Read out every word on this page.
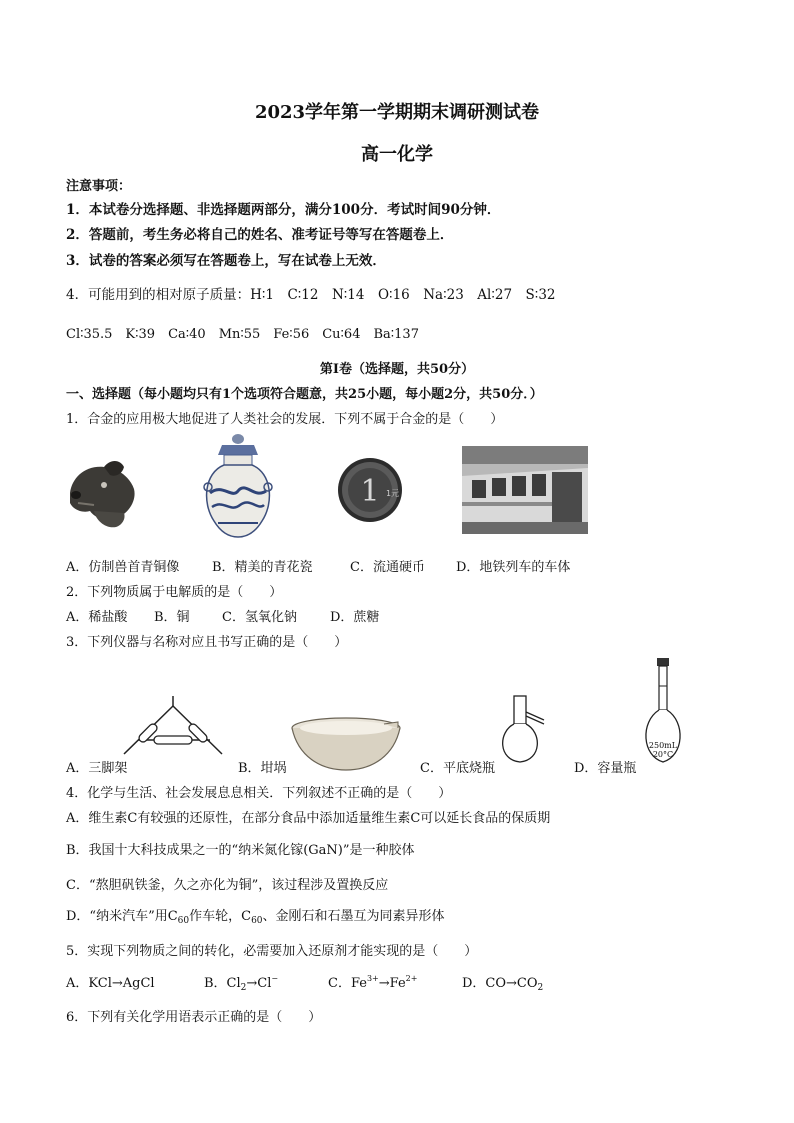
2023学年第一学期期末调研测试卷
高一化学
注意事项：
1．本试卷分选择题、非选择题两部分，满分100分．考试时间90分钟．
2．答题前，考生务必将自己的姓名、准考证号等写在答题卷上．
3．试卷的答案必须写在答题卷上，写在试卷上无效．
4．可能用到的相对原子质量：H∶1　C∶12　N∶14　O∶16　Na∶23　Al∶27　S∶32
Cl∶35.5　K∶39　Ca∶40　Mn∶55　Fe∶56　Cu∶64　Ba∶137
第Ⅰ卷（选择题，共50分）
一、选择题（每小题均只有1个选项符合题意，共25小题，每小题2分，共50分．）
1．合金的应用极大地促进了人类社会的发展．下列不属于合金的是（　　）
1 1元
A．仿制兽首青铜像	B．精美的青花瓷	C．流通硬币 D．地铁列车的车体
2．下列物质属于电解质的是（　　）
A．稀盐酸 B．铜 C．氢氧化钠	D．蔗糖
3．下列仪器与名称对应且书写正确的是（　　）
250mL
20°C
A．三脚架	B．坩埚	C．平底烧瓶	D．容量瓶
4．化学与生活、社会发展息息相关．下列叙述不正确的是（　　）
A．维生素C有较强的还原性，在部分食品中添加适量维生素C可以延长食品的保质期
B．我国十大科技成果之一的“纳米氮化镓(GaN)”是一种胶体
C．“熬胆矾铁釜，久之亦化为铜”，该过程涉及置换反应
D．“纳米汽车”用$C_{60}$作车轮，$C_{60}$、金刚石和石墨互为同素异形体
5．实现下列物质之间的转化，必需要加入还原剂才能实现的是（　　）
A．KCl→AgCl	B．$Cl_2\to Cl^-$	C．$Fe^{3+}\to Fe^{2+}$	D．$CO\to CO_2$
6．下列有关化学用语表示正确的是（　　）
